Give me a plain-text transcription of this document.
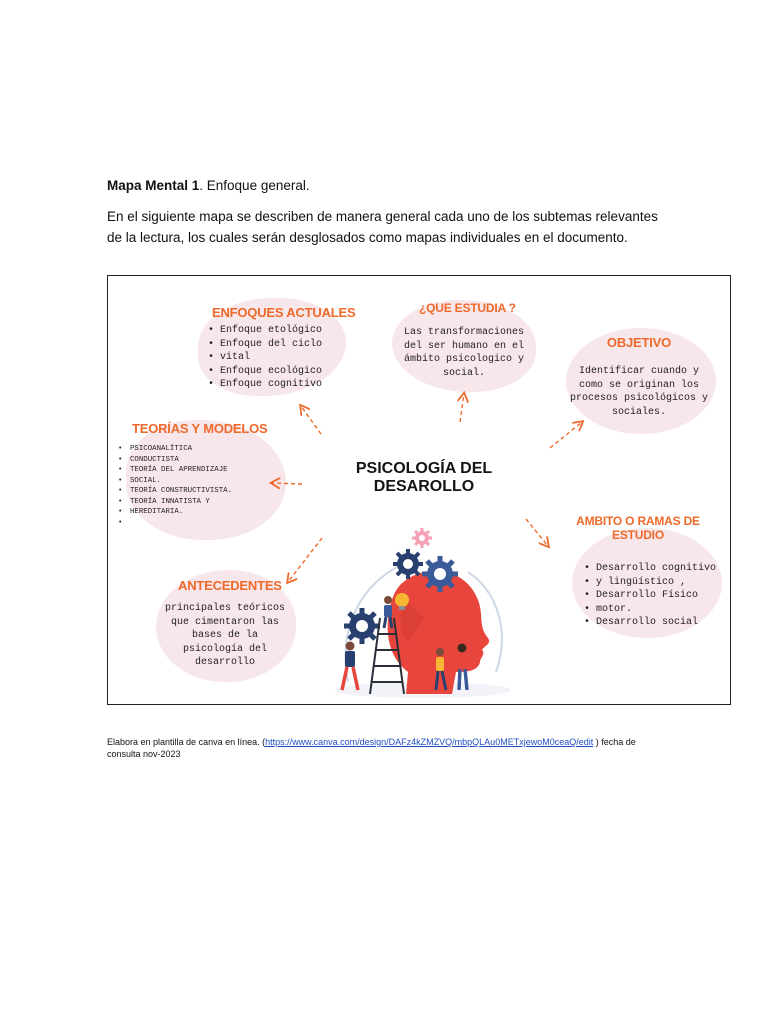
Mapa Mental 1. Enfoque general.
En el siguiente mapa se describen de manera general cada uno de los subtemas relevantes de la lectura, los cuales serán desglosados como mapas individuales en el documento.
ENFOQUES ACTUALES
• Enfoque etológico
• Enfoque del ciclo
• vital
• Enfoque ecológico
• Enfoque cognitivo
¿QUE ESTUDIA ?
Las transformaciones
del ser humano en el
ámbito psicologico y
social.
OBJETIVO
Identificar cuando y
como se originan los
procesos psicológicos y
sociales.
TEORÍAS Y MODELOS
• PSICOANALÍTICA
• CONDUCTISTA
• TEORÍA DEL APRENDIZAJE
• SOCIAL.
• TEORÍA CONSTRUCTIVISTA.
• TEORÍA INNATISTA Y
• HEREDITARIA.
PSICOLOGÍA DEL
DESAROLLO
AMBITO O RAMAS DE
ESTUDIO
• Desarrollo cognitivo
• y lingüístico ,
• Desarrollo Físico
• motor.
• Desarrollo social
ANTECEDENTES
principales teóricos
que cimentaron las
bases de la
psicología del
desarrollo
Elabora en plantilla de canva en línea. (https://www.canva.com/design/DAFz4kZMZVQ/mbpQLAu0METxjewoM0ceaQ/edit ) fecha de consulta nov-2023
